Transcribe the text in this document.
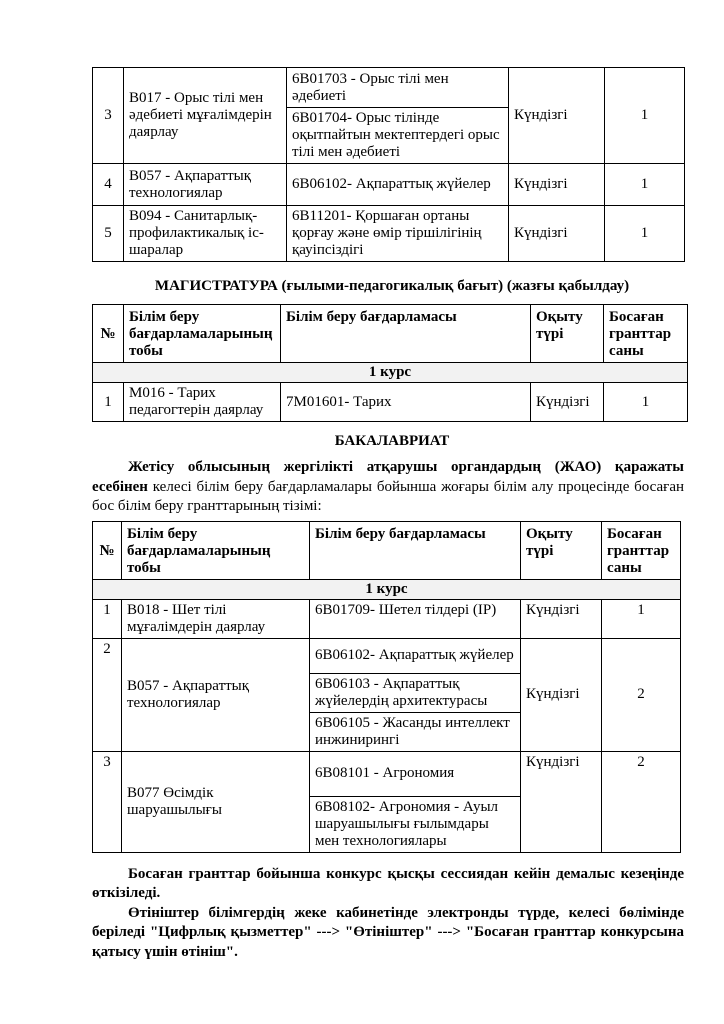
3	B017 - Орыс тілі мен әдебиеті мұғалімдерін даярлау	6B01703 - Орыс тілі мен әдебиеті	Күндізгі	1
		6B01704- Орыс тілінде оқытпайтын мектептердегі орыс тілі мен әдебиеті		
4	B057 - Ақпараттық технологиялар	6B06102- Ақпараттық жүйелер	Күндізгі	1
5	B094 - Санитарлық-профилактикалық іс-шаралар	6B11201- Қоршаған ортаны қорғау және өмір тіршілігінің қауіпсіздігі	Күндізгі	1
МАГИСТРАТУРА (ғылыми-педагогикалық бағыт) (жазғы қабылдау)
№	Білім беру бағдарламаларының тобы	Білім беру бағдарламасы	Оқыту түрі	Босаған гранттар саны
1 курс				
1	M016 - Тарих педагогтерін даярлау	7M01601- Тарих	Күндізгі	1
БАКАЛАВРИАТ

Жетісу облысының жергілікті атқарушы органдардың (ЖАО) қаражаты есебінен келесі білім беру бағдарламалары бойынша жоғары білім алу процесінде босаған бос білім беру гранттарының тізімі:

№	Білім беру бағдарламаларының тобы	Білім беру бағдарламасы	Оқыту түрі	Босаған гранттар саны
1 курс				
1	B018 - Шет тілі мұғалімдерін даярлау	6B01709- Шетел тілдері (IP)	Күндізгі	1
2	B057 - Ақпараттық технологиялар	6B06102- Ақпараттық жүйелер	Күндізгі	2
		6B06103 - Ақпараттық жүйелердің архитектурасы		
		6B06105 - Жасанды интеллект инжинирингі		
3	B077 Өсімдік шаруашылығы	6B08101 - Агрономия	Күндізгі	2
		6B08102- Агрономия - Ауыл шаруашылығы ғылымдары мен технологиялары		

Босаған гранттар бойынша конкурс қысқы сессиядан кейін демалыс кезеңінде өткізіледі.

Өтініштер білімгердің жеке кабинетінде электронды түрде, келесі бөлімінде беріледі "Цифрлық қызметтер" ---> "Өтініштер" ---> "Босаған гранттар конкурсына қатысу үшін өтініш".
